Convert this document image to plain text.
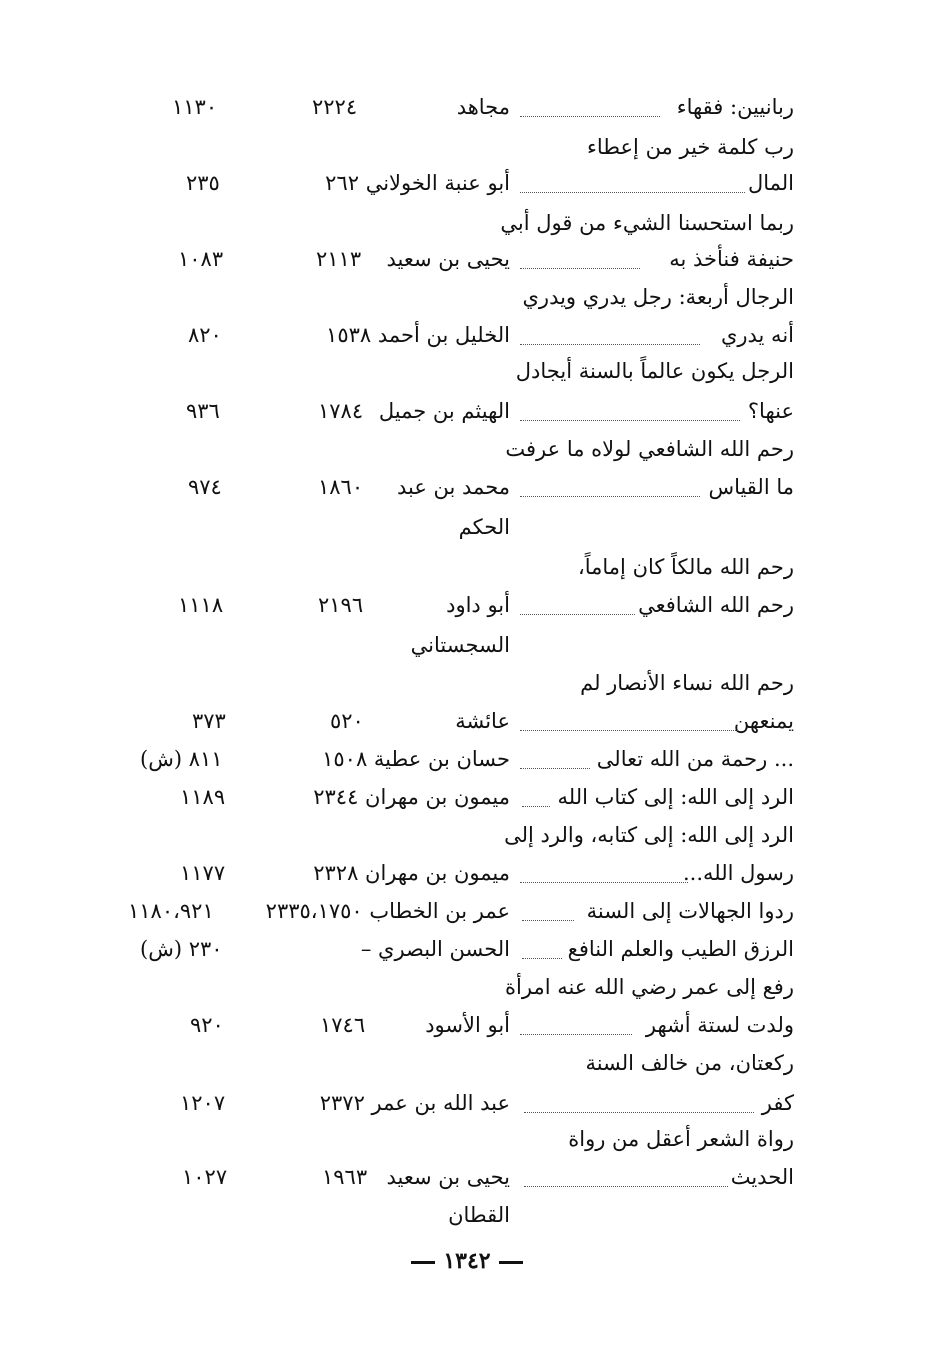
ربانيين: فقهاء
مجاهد
٢٢٢٤
١١٣٠
رب كلمة خير من إعطاء
المال
أبو عنبة الخولاني ٢٦٢
٢٣٥
ربما استحسنا الشيء من قول أبي
حنيفة فنأخذ به
يحيى بن سعيد
٢١١٣
١٠٨٣
الرجال أربعة: رجل يدري ويدري
أنه يدري
الخليل بن أحمد ١٥٣٨
٨٢٠
الرجل يكون عالماً بالسنة أيجادل
عنها؟
الهيثم بن جميل
١٧٨٤
٩٣٦
رحم الله الشافعي لولاه ما عرفت
ما القياس
محمد بن عبد
١٨٦٠
٩٧٤
الحكم
رحم الله مالكاً كان إماماً،
رحم الله الشافعي
أبو داود
٢١٩٦
١١١٨
السجستاني
رحم الله نساء الأنصار لم
يمنعهن
عائشة
٥٢٠
٣٧٣
... رحمة من الله تعالى
حسان بن عطية ١٥٠٨
٨١١ (ش)
الرد إلى الله: إلى كتاب الله
ميمون بن مهران ٢٣٤٤
١١٨٩
الرد إلى الله: إلى كتابه، والرد إلى
رسول الله...
ميمون بن مهران ٢٣٢٨
١١٧٧
ردوا الجهالات إلى السنة
عمر بن الخطاب ٢٣٣٥،١٧٥٠
١١٨٠،٩٢١
الرزق الطيب والعلم النافع
الحسن البصري –
٢٣٠ (ش)
رفع إلى عمر رضي الله عنه امرأة
ولدت لستة أشهر
أبو الأسود
١٧٤٦
٩٢٠
ركعتان، من خالف السنة
كفر
عبد الله بن عمر ٢٣٧٢
١٢٠٧
رواة الشعر أعقل من رواة
الحديث
يحيى بن سعيد
١٩٦٣
١٠٢٧
القطان
١٣٤٢
